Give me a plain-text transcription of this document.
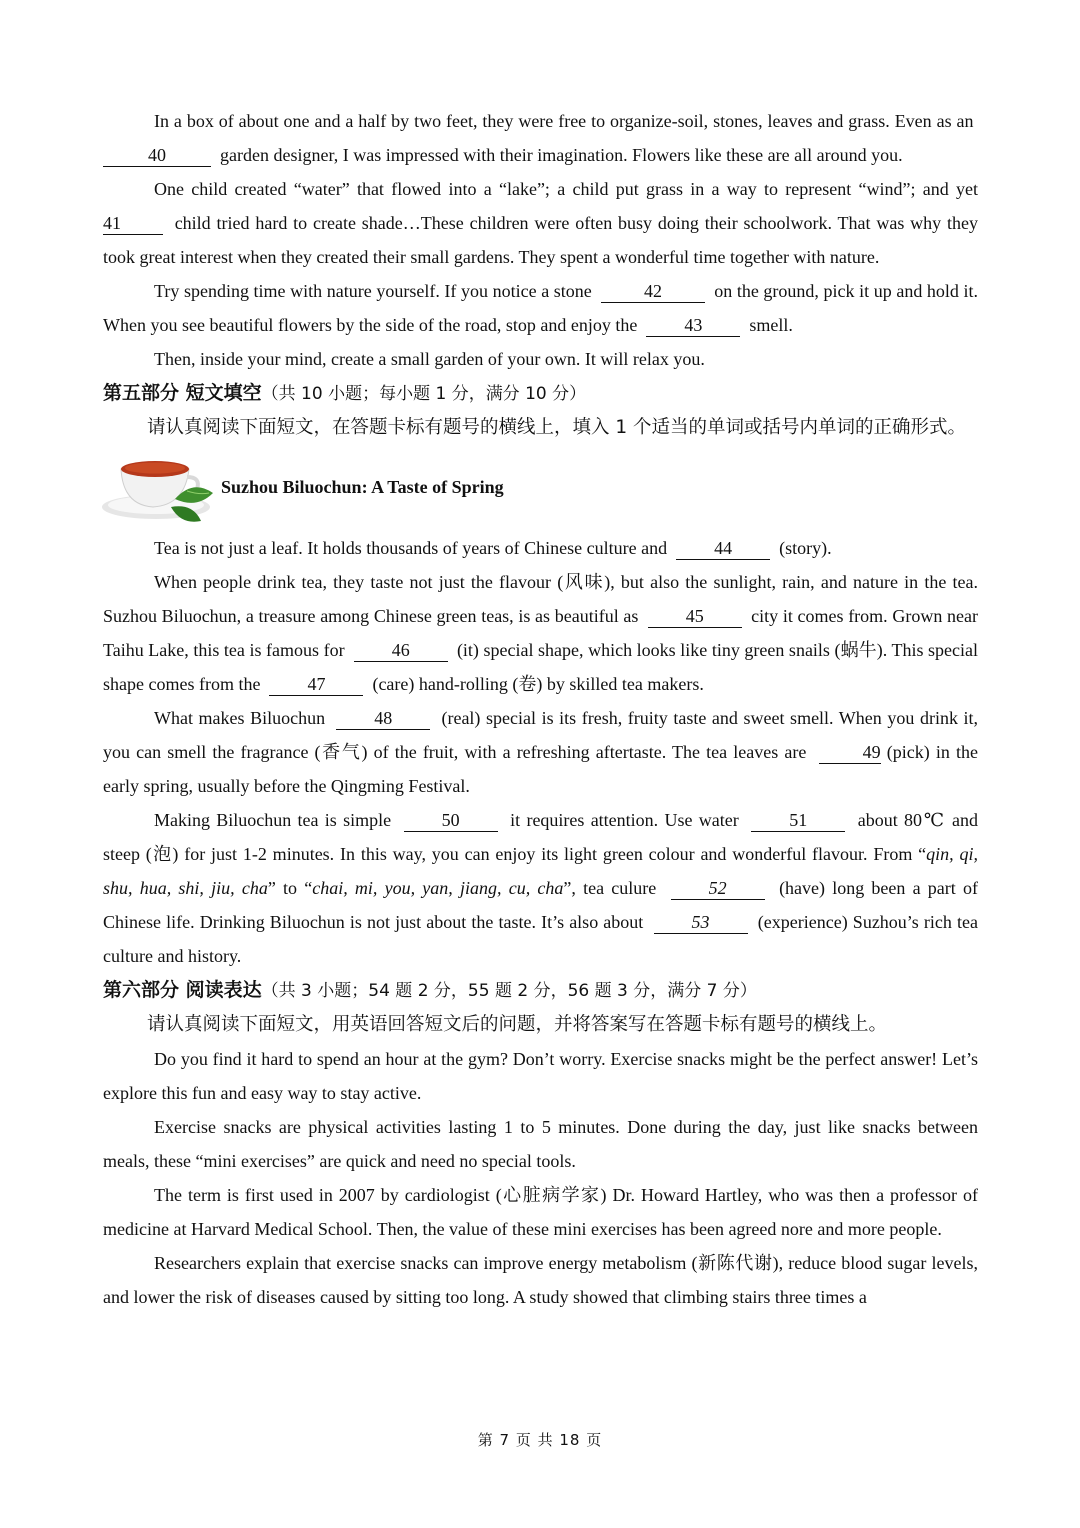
In a box of about one and a half by two feet, they were free to organize-soil, stones, leaves and grass. Even as an  40	garden designer, I was impressed with their imagination. Flowers like these are all around you.

One child created “water” that flowed into a “lake”; a child put grass in a way to represent “wind”; and yet 41	child tried hard to create shade…These children were often busy doing their schoolwork. That was why they took great interest when they created their small gardens. They spent a wonderful time together with nature.

Try spending time with nature yourself. If you notice a stone	42	on the ground, pick it up and hold it. When you see beautiful flowers by the side of the road, stop and enjoy the	43	smell.

Then, inside your mind, create a small garden of your own. It will relax you.

第五部分 短文填空（共 10 小题；每小题 1 分，满分 10 分）

请认真阅读下面短文，在答题卡标有题号的横线上，填入 1 个适当的单词或括号内单词的正确形式。

Suzhou Biluochun: A Taste of Spring

Tea is not just a leaf. It holds thousands of years of Chinese culture and	44	(story).

When people drink tea, they taste not just the flavour (风味), but also the sunlight, rain, and nature in the tea. Suzhou Biluochun, a treasure among Chinese green teas, is as beautiful as	45	city it comes from. Grown near Taihu Lake, this tea is famous for	46	(it) special shape, which looks like tiny green snails (蜗牛). This special shape comes from the	47	(care) hand-rolling (卷) by skilled tea makers.

What makes Biluochun	48	(real) special is its fresh, fruity taste and sweet smell. When you drink it, you can smell the fragrance (香气) of the fruit, with a refreshing aftertaste. The tea leaves are	49 (pick) in the early spring, usually before the Qingming Festival.

Making Biluochun tea is simple	50	it requires attention. Use water	51	about 80℃ and steep (泡) for just 1-2 minutes. In this way, you can enjoy its light green colour and wonderful flavour. From “qin, qi, shu, hua, shi, jiu, cha” to “chai, mi, you, yan, jiang, cu, cha”, tea culure	52	(have) long been a part of Chinese life. Drinking Biluochun is not just about the taste. It’s also about	53	(experience) Suzhou’s rich tea culture and history.

第六部分 阅读表达（共 3 小题；54 题 2 分，55 题 2 分，56 题 3 分，满分 7 分）

请认真阅读下面短文，用英语回答短文后的问题，并将答案写在答题卡标有题号的横线上。

Do you find it hard to spend an hour at the gym? Don’t worry. Exercise snacks might be the perfect answer! Let’s explore this fun and easy way to stay active.

Exercise snacks are physical activities lasting 1 to 5 minutes. Done during the day, just like snacks between meals, these “mini exercises” are quick and need no special tools.

The term is first used in 2007 by cardiologist (心脏病学家) Dr. Howard Hartley, who was then a professor of medicine at Harvard Medical School. Then, the value of these mini exercises has been agreed nore and more people.

Researchers explain that exercise snacks can improve energy metabolism (新陈代谢), reduce blood sugar levels, and lower the risk of diseases caused by sitting too long. A study showed that climbing stairs three times a

第 7 页 共 18 页
